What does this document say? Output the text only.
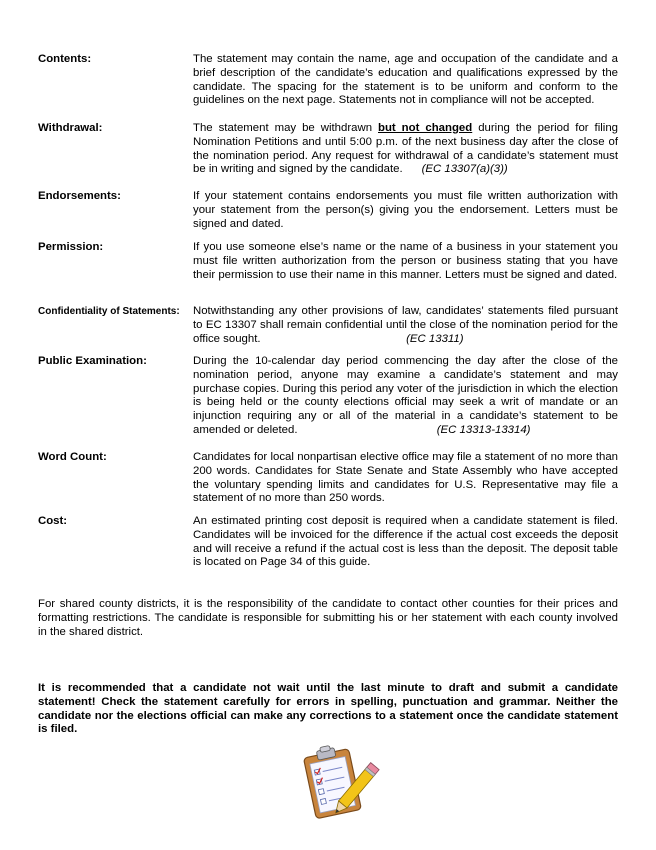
Contents:	The statement may contain the name, age and occupation of the candidate and a brief description of the candidate’s education and qualifications expressed by the candidate. The spacing for the statement is to be uniform and conform to the guidelines on the next page. Statements not in compliance will not be accepted.
Withdrawal:	The statement may be withdrawn but not changed during the period for filing Nomination Petitions and until 5:00 p.m. of the next business day after the close of the nomination period. Any request for withdrawal of a candidate’s statement must be in writing and signed by the candidate. (EC 13307(a)(3))
Endorsements:	If your statement contains endorsements you must file written authorization with your statement from the person(s) giving you the endorsement. Letters must be signed and dated.
Permission:	If you use someone else’s name or the name of a business in your statement you must file written authorization from the person or business stating that you have their permission to use their name in this manner. Letters must be signed and dated.
Confidentiality of Statements:	Notwithstanding any other provisions of law, candidates’ statements filed pursuant to EC 13307 shall remain confidential until the close of the nomination period for the office sought.	(EC 13311)
Public Examination:	During the 10-calendar day period commencing the day after the close of the nomination period, anyone may examine a candidate’s statement and may purchase copies. During this period any voter of the jurisdiction in which the election is being held or the county elections official may seek a writ of mandate or an injunction requiring any or all of the material in a candidate’s statement to be amended or deleted.	(EC 13313-13314)
Word Count:	Candidates for local nonpartisan elective office may file a statement of no more than 200 words. Candidates for State Senate and State Assembly who have accepted the voluntary spending limits and candidates for U.S. Representative may file a statement of no more than 250 words.
Cost:	An estimated printing cost deposit is required when a candidate statement is filed. Candidates will be invoiced for the difference if the actual cost exceeds the deposit and will receive a refund if the actual cost is less than the deposit. The deposit table is located on Page 34 of this guide.
For shared county districts, it is the responsibility of the candidate to contact other counties for their prices and formatting restrictions. The candidate is responsible for submitting his or her statement with each county involved in the shared district.
It is recommended that a candidate not wait until the last minute to draft and submit a candidate statement! Check the statement carefully for errors in spelling, punctuation and grammar. Neither the candidate nor the elections official can make any corrections to a statement once the candidate statement is filed.
